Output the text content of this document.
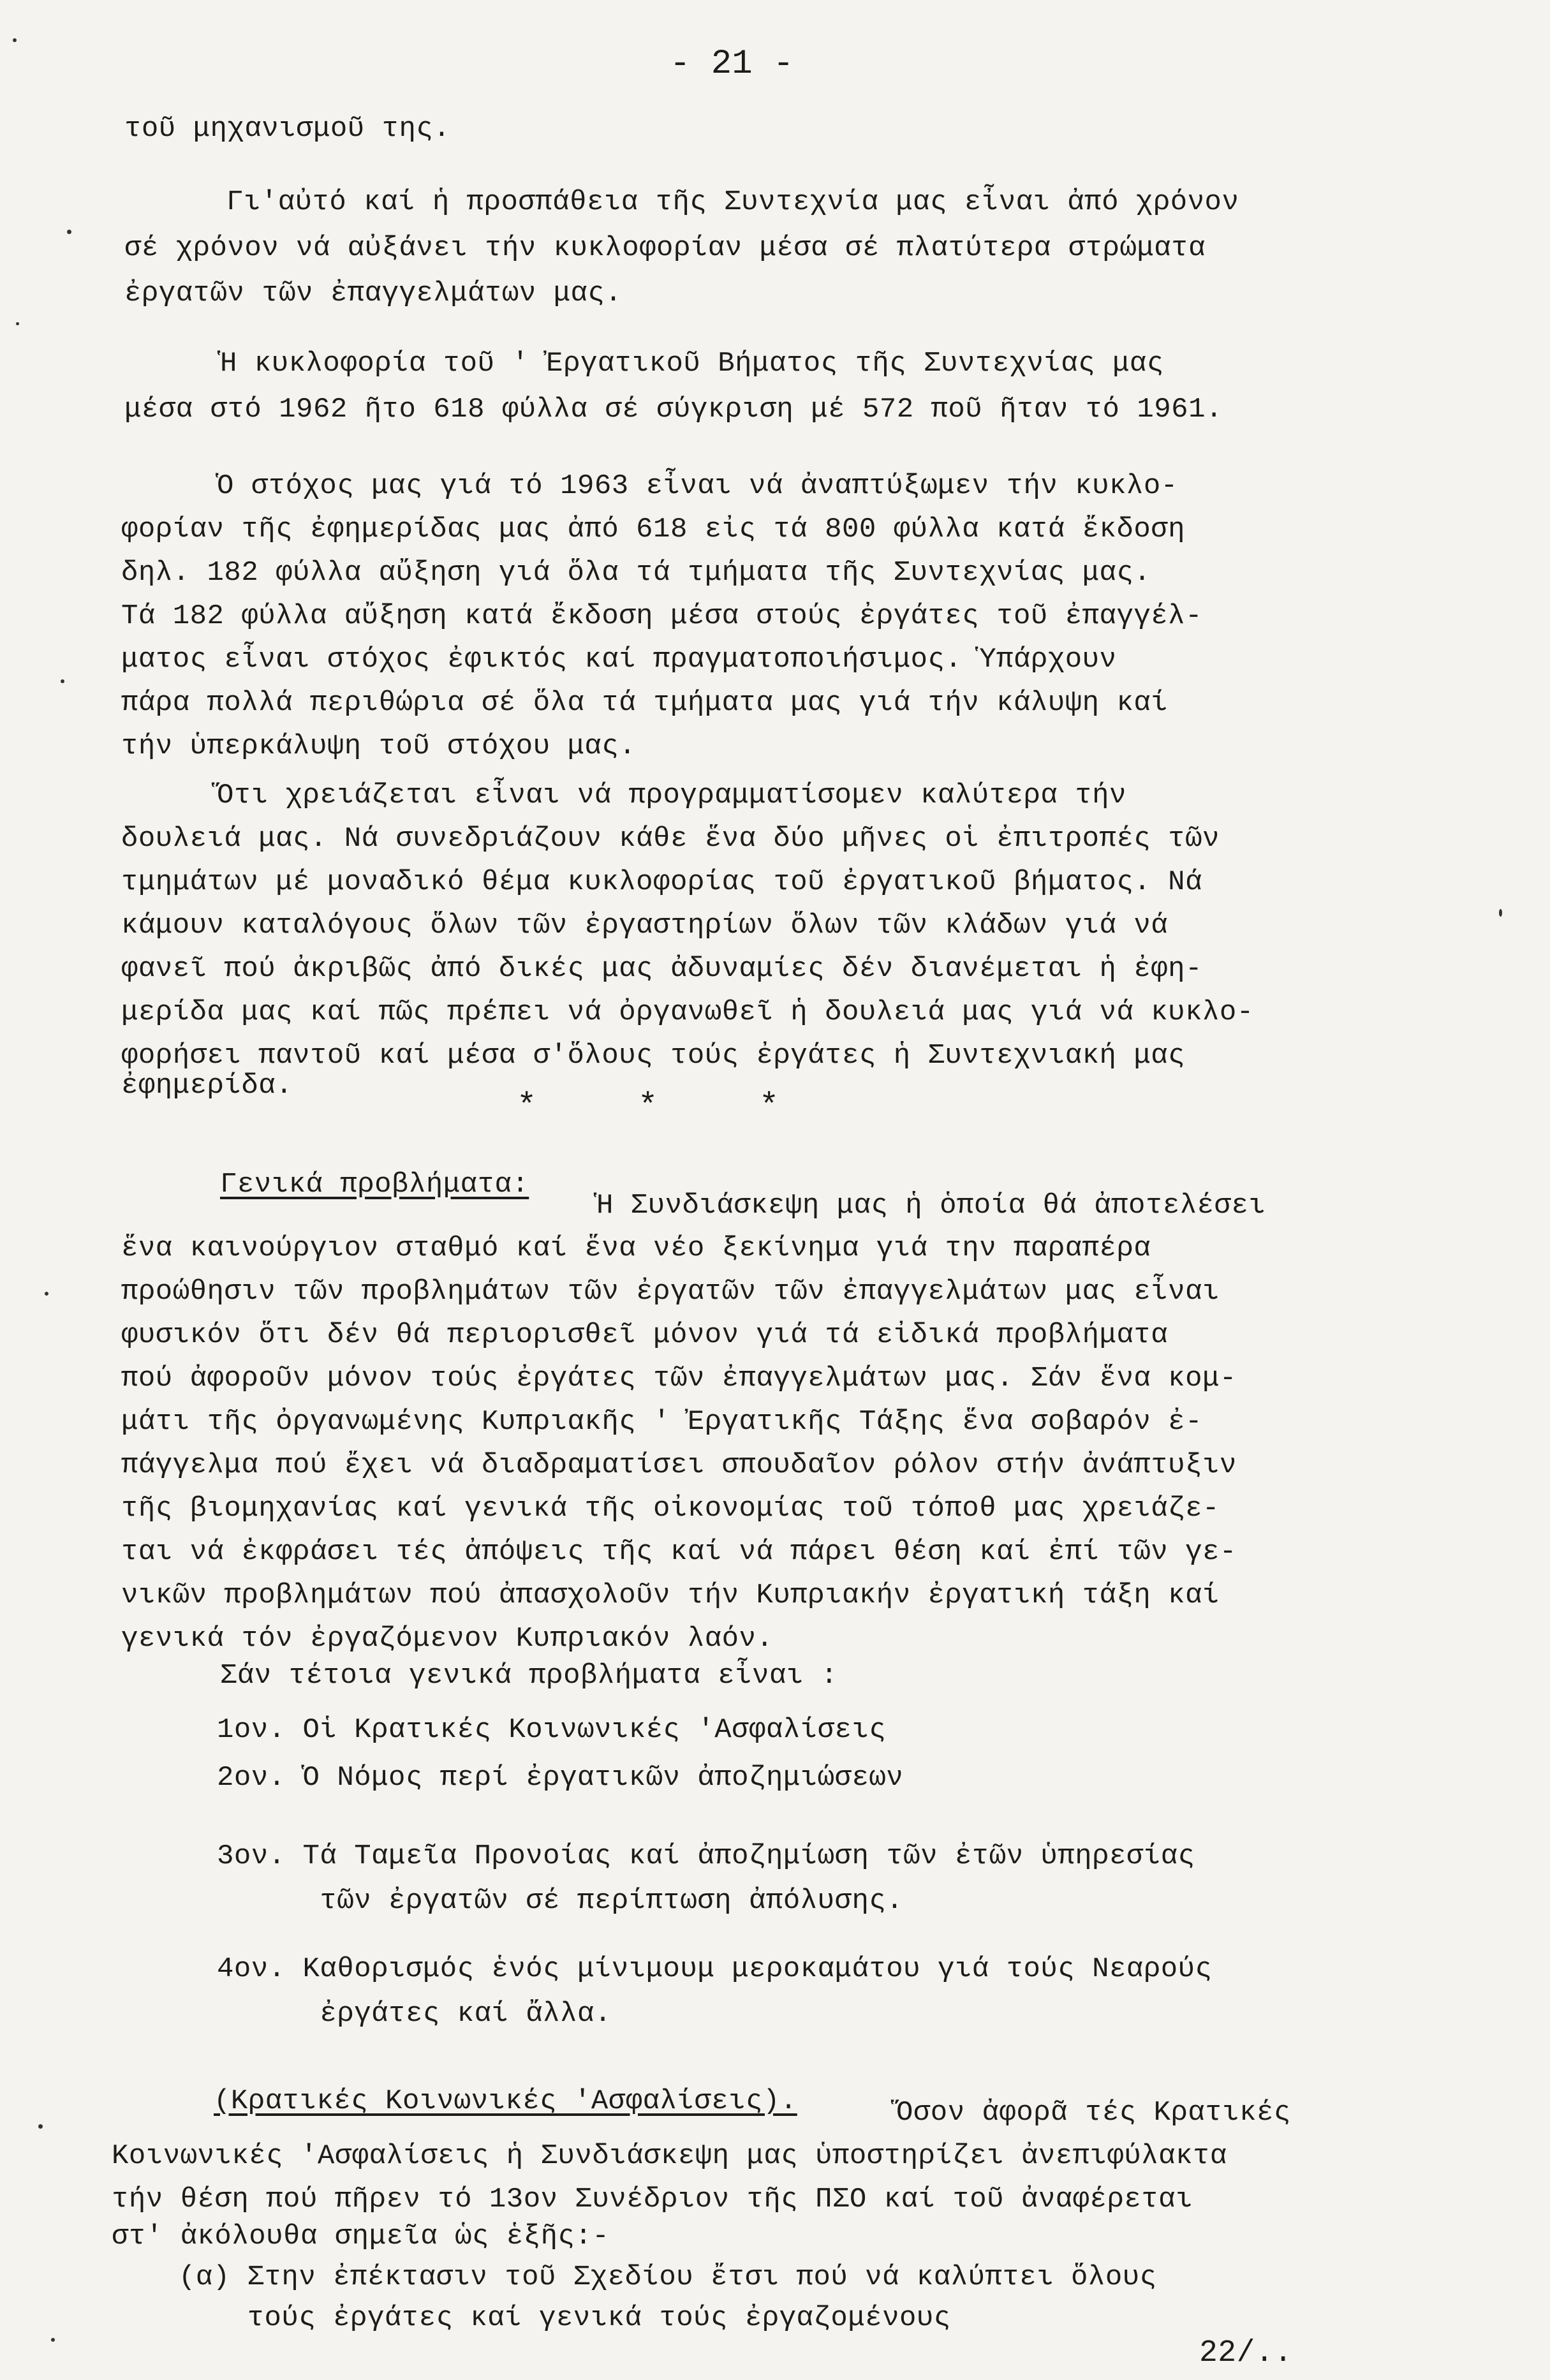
- 21 -
τοῦ μηχανισμοῦ της.
Γι'αὐτό καί ἡ προσπάθεια τῆς Συντεχνία μας εἶναι ἀπό χρόνον
σέ χρόνον νά αὐξάνει τήν κυκλοφορίαν μέσα σέ πλατύτερα στρώματα
ἐργατῶν τῶν ἐπαγγελμάτων μας.
Ἡ κυκλοφορία τοῦ ' Ἐργατικοῦ Βήματος τῆς Συντεχνίας μας
μέσα στό 1962 ῆτο 618 φύλλα σέ σύγκριση μέ 572 ποῦ ῆταν τό 1961.
Ὁ στόχος μας γιά τό 1963 εἶναι νά ἀναπτύξωμεν τήν κυκλο-
φορίαν τῆς ἐφημερίδας μας ἀπό 618 εἰς τά 800 φύλλα κατά ἔκδοση
δηλ. 182 φύλλα αὔξηση γιά ὅλα τά τμήματα τῆς Συντεχνίας μας.
Τά 182 φύλλα αὔξηση κατά ἔκδοση μέσα στούς ἐργάτες τοῦ ἐπαγγέλ-
ματος εἶναι στόχος ἐφικτός καί πραγματοποιήσιμος. Ὑπάρχουν
πάρα πολλά περιθώρια σέ ὅλα τά τμήματα μας γιά τήν κάλυψη καί
τήν ὑπερκάλυψη τοῦ στόχου μας.
Ὅτι χρειάζεται εἶναι νά προγραμματίσομεν καλύτερα τήν
δουλειά μας. Νά συνεδριάζουν κάθε ἕνα δύο μῆνες οἱ ἐπιτροπές τῶν
τμημάτων μέ μοναδικό θέμα κυκλοφορίας τοῦ ἐργατικοῦ βήματος. Νά
κάμουν καταλόγους ὅλων τῶν ἐργαστηρίων ὅλων τῶν κλάδων γιά νά
φανεῖ πού ἀκριβῶς ἀπό δικές μας ἀδυναμίες δέν διανέμεται ἡ ἐφη-
μερίδα μας καί πῶς πρέπει νά ὀργανωθεῖ ἡ δουλειά μας γιά νά κυκλο-
φορήσει παντοῦ καί μέσα σ'ὅλους τούς ἐργάτες ἡ Συντεχνιακή μας
ἐφημερίδα.
*	*	*
Γενικά προβλήματα:
Ἡ Συνδιάσκεψη μας ἡ ὁποία θά ἀποτελέσει
ἕνα καινούργιον σταθμό καί ἕνα νέο ξεκίνημα γιά την παραπέρα
προώθησιν τῶν προβλημάτων τῶν ἐργατῶν τῶν ἐπαγγελμάτων μας εἶναι
φυσικόν ὅτι δέν θά περιορισθεῖ μόνον γιά τά εἰδικά προβλήματα
πού ἀφοροῦν μόνον τούς ἐργάτες τῶν ἐπαγγελμάτων μας. Σάν ἕνα κομ-
μάτι τῆς ὀργανωμένης Κυπριακῆς ' Ἐργατικῆς Τάξης ἕνα σοβαρόν ἐ-
πάγγελμα πού ἔχει νά διαδραματίσει σπουδαῖον ρόλον στήν ἀνάπτυξιν
τῆς βιομηχανίας καί γενικά τῆς οἰκονομίας τοῦ τόποθ μας χρειάζε-
ται νά ἐκφράσει τές ἀπόψεις τῆς καί νά πάρει θέση καί ἐπί τῶν γε-
νικῶν προβλημάτων πού ἀπασχολοῦν τήν Κυπριακήν ἐργατική τάξη καί
γενικά τόν ἐργαζόμενον Κυπριακόν λαόν.
Σάν τέτοια γενικά προβλήματα εἶναι :
1ον. Οἱ Κρατικές Κοινωνικές 'Ασφαλίσεις
2ον. Ὁ Νόμος περί ἐργατικῶν ἀποζημιώσεων
3ον. Τά Ταμεῖα Προνοίας καί ἀποζημίωση τῶν ἐτῶν ὑπηρεσίας
τῶν ἐργατῶν σέ περίπτωση ἀπόλυσης.
4ον. Καθορισμός ἑνός μίνιμουμ μεροκαμάτου γιά τούς Νεαρούς
ἐργάτες καί ἄλλα.
(Κρατικές Κοινωνικές 'Ασφαλίσεις).	Ὅσον ἀφορᾶ τές Κρατικές
Κοινωνικές 'Ασφαλίσεις ἡ Συνδιάσκεψη μας ὑποστηρίζει ἀνεπιφύλακτα
τήν θέση πού πῆρεν τό 13ον Συνέδριον τῆς ΠΣΟ καί τοῦ ἀναφέρεται
στ' ἀκόλουθα σημεῖα ὡς ἑξῆς:-
(α) Στην ἐπέκτασιν τοῦ Σχεδίου ἔτσι πού νά καλύπτει ὅλους
τούς ἐργάτες καί γενικά τούς ἐργαζομένους
22/..
